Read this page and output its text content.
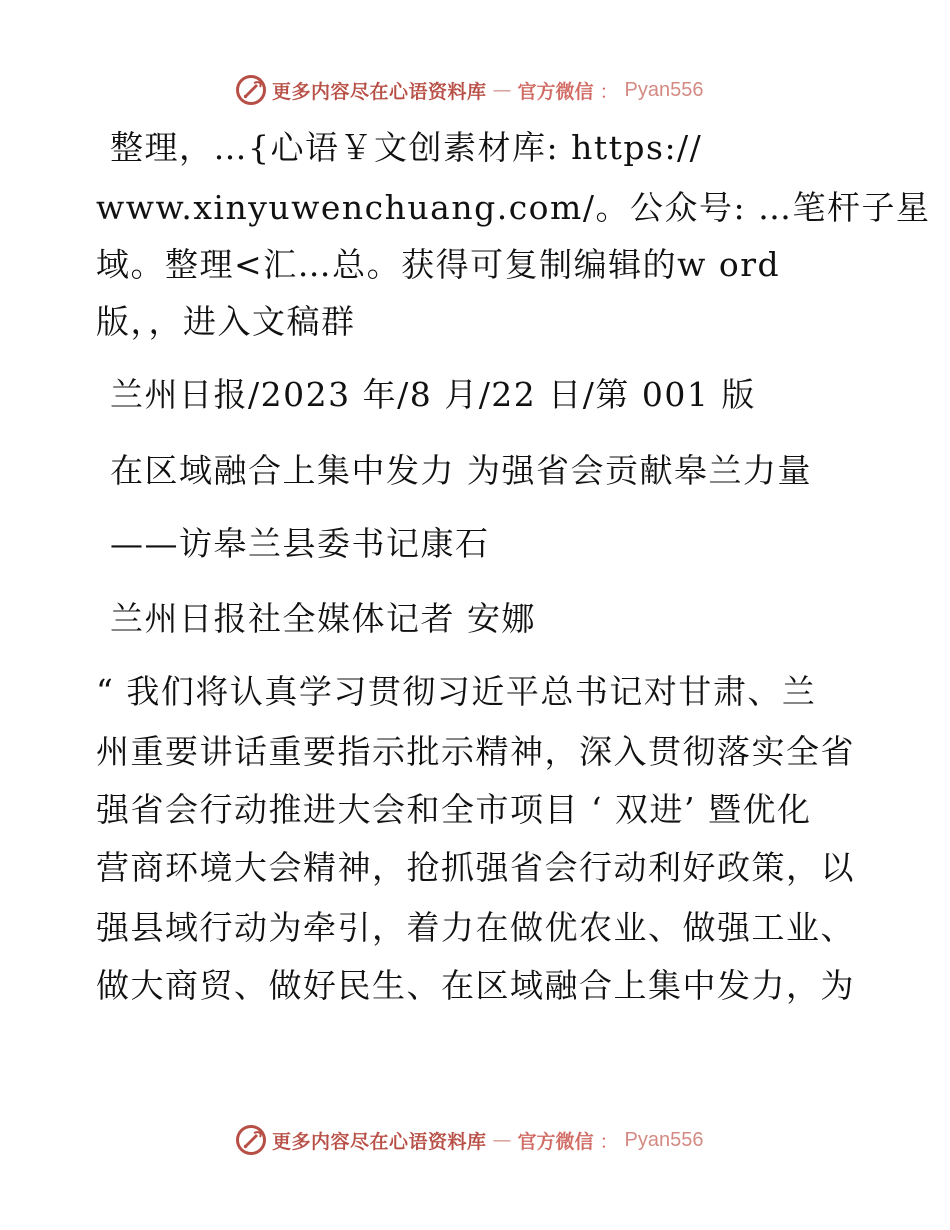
更多内容尽在心语资料库 — 官方微信 ： Pyan556
整理，…{心语￥文创素材库: https://
www.xinyuwenchuang.com/。公众号: …笔杆子星
域。整理<汇…总。获得可复制编辑的w ord
版，，进入文稿群
兰州日报/2023 年/8 月/22 日/第 001 版
在区域融合上集中发力 为强省会贡献皋兰力量
——访皋兰县委书记康石
兰州日报社全媒体记者 安娜
“ 我们将认真学习贯彻习近平总书记对甘肃、兰
州重要讲话重要指示批示精神，深入贯彻落实全省
强省会行动推进大会和全市项目 ‘ 双进’ 暨优化
营商环境大会精神，抢抓强省会行动利好政策，以
强县域行动为牵引，着力在做优农业、做强工业、
做大商贸、做好民生、在区域融合上集中发力，为
更多内容尽在心语资料库 — 官方微信 ： Pyan556
